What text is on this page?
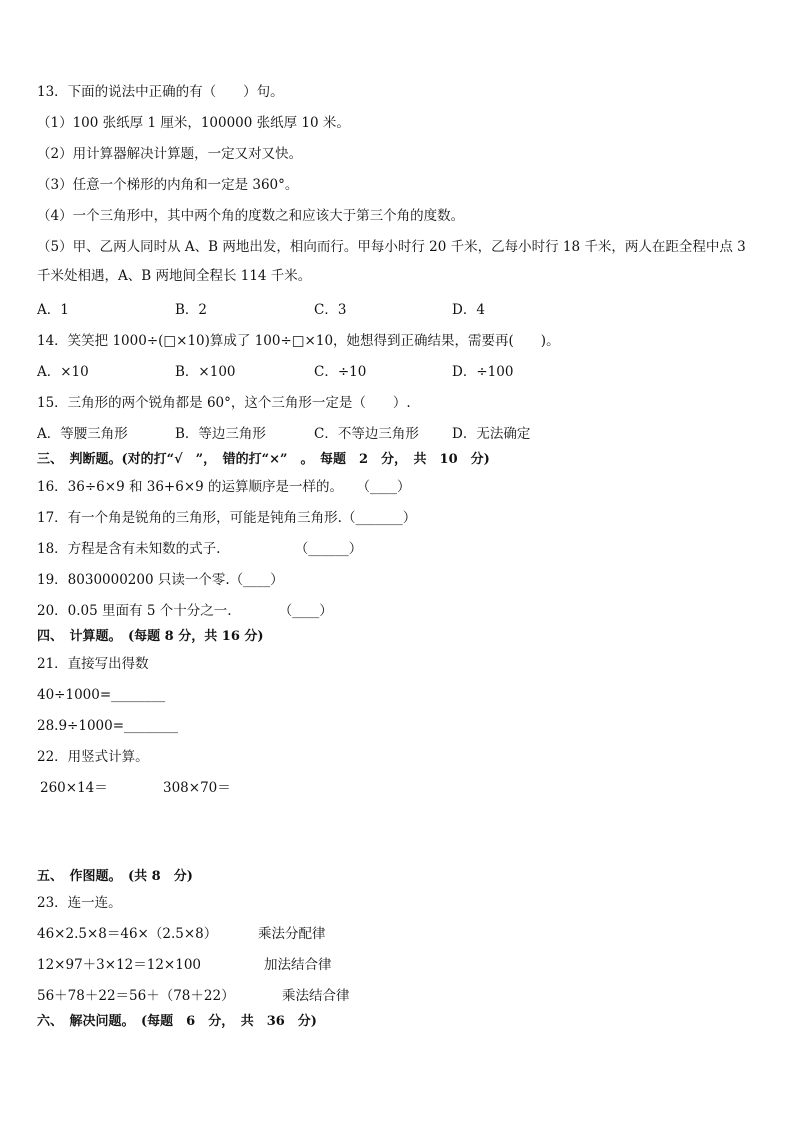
13．下面的说法中正确的有（　　）句。
（1）100 张纸厚 1 厘米，100000 张纸厚 10 米。
（2）用计算器解决计算题，一定又对又快。
（3）任意一个梯形的内角和一定是 360°。
（4）一个三角形中，其中两个角的度数之和应该大于第三个角的度数。
（5）甲、乙两人同时从 A、B 两地出发，相向而行。甲每小时行 20 千米，乙每小时行 18 千米，两人在距全程中点 3 千米处相遇，A、B 两地间全程长 114 千米。
A．1	B．2	C．3	D．4
14．笑笑把 1000÷(□×10)算成了 100÷□×10，她想得到正确结果，需要再(　　)。
A．×10	B．×100	C．÷10	D．÷100
15．三角形的两个锐角都是 60°，这个三角形一定是（　　）.
A．等腰三角形	B．等边三角形	C．不等边三角形 D．无法确定
三、　判断题。(对的打“√　”，　错的打“×”　。　每题　2　分，　共　10　分)
16．36÷6×9 和 36+6×9 的运算顺序是一样的。　　（____）
17．有一个角是锐角的三角形，可能是钝角三角形.（_______）
18．方程是含有未知数的式子.　　　　　　（______）
19．8030000200 只读一个零.（____）
20．0.05 里面有 5 个十分之一.　　　　（____）
四、　计算题。　(每题 8 分，共 16 分)
21．直接写出得数
40÷1000=________
28.9÷1000=________
22．用竖式计算。
260×14＝	308×70＝
五、　作图题。　(共 8　分)
23．连一连。
46×2.5×8＝46×（2.5×8）	乘法分配律
12×97＋3×12＝12×100	加法结合律
56＋78＋22＝56＋（78＋22）	乘法结合律
六、　解决问题。　(每题　6　分，　共　36　分)
